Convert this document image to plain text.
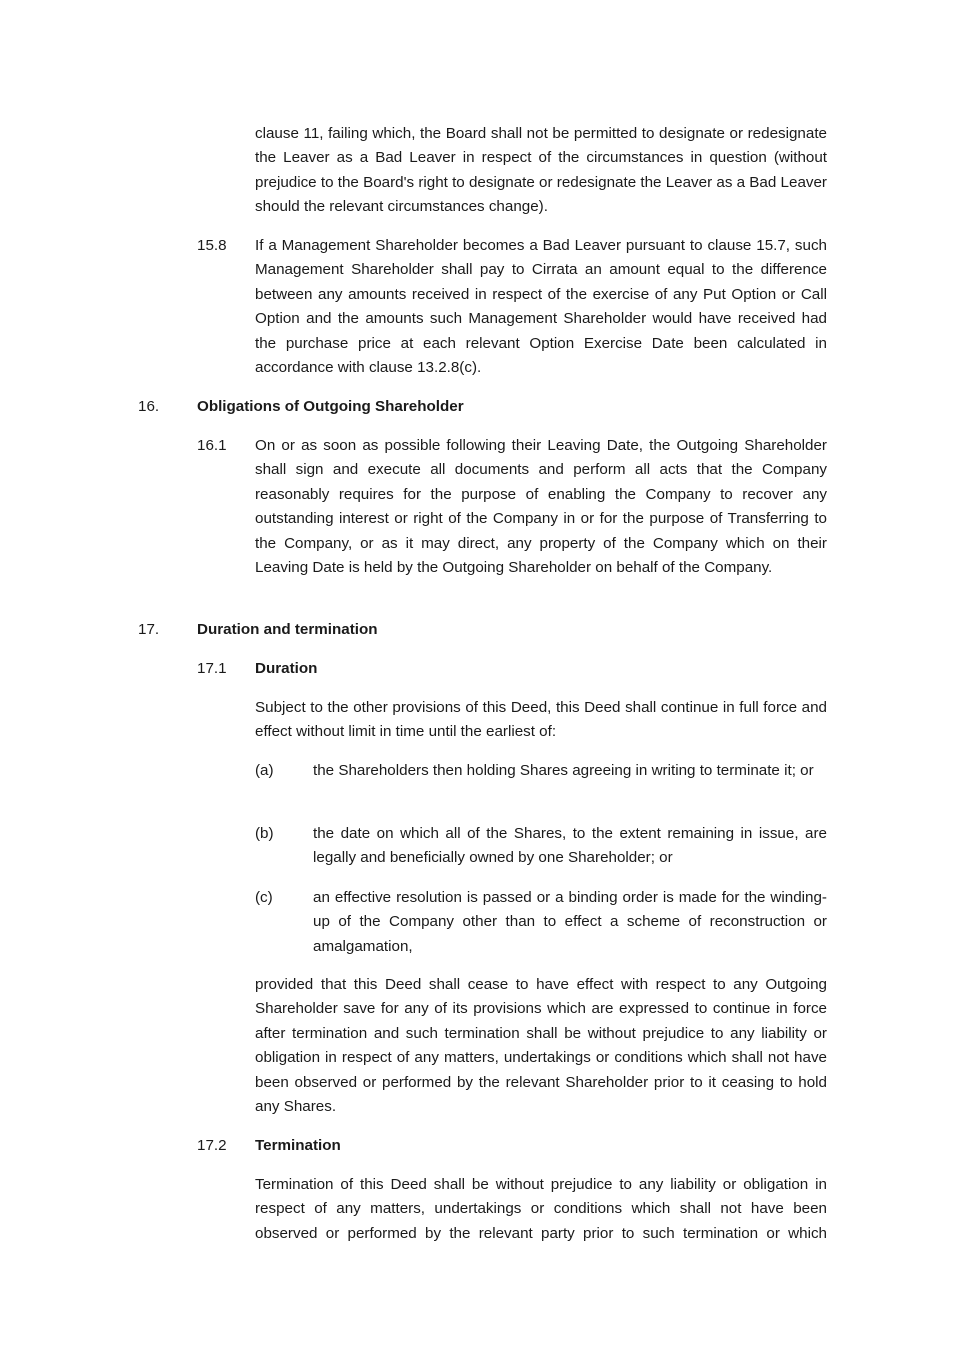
clause 11, failing which, the Board shall not be permitted to designate or redesignate the Leaver as a Bad Leaver in respect of the circumstances in question (without prejudice to the Board's right to designate or redesignate the Leaver as a Bad Leaver should the relevant circumstances change).

15.8 If a Management Shareholder becomes a Bad Leaver pursuant to clause 15.7, such Management Shareholder shall pay to Cirrata an amount equal to the difference between any amounts received in respect of the exercise of any Put Option or Call Option and the amounts such Management Shareholder would have received had the purchase price at each relevant Option Exercise Date been calculated in accordance with clause 13.2.8(c).

16. Obligations of Outgoing Shareholder

16.1 On or as soon as possible following their Leaving Date, the Outgoing Shareholder shall sign and execute all documents and perform all acts that the Company reasonably requires for the purpose of enabling the Company to recover any outstanding interest or right of the Company in or for the purpose of Transferring to the Company, or as it may direct, any property of the Company which on their Leaving Date is held by the Outgoing Shareholder on behalf of the Company.

17. Duration and termination

17.1 Duration

Subject to the other provisions of this Deed, this Deed shall continue in full force and effect without limit in time until the earliest of:

(a)	the Shareholders then holding Shares agreeing in writing to terminate it; or

(b)	the date on which all of the Shares, to the extent remaining in issue, are legally and beneficially owned by one Shareholder; or

(c)	an effective resolution is passed or a binding order is made for the winding-up of the Company other than to effect a scheme of reconstruction or amalgamation,

provided that this Deed shall cease to have effect with respect to any Outgoing Shareholder save for any of its provisions which are expressed to continue in force after termination and such termination shall be without prejudice to any liability or obligation in respect of any matters, undertakings or conditions which shall not have been observed or performed by the relevant Shareholder prior to it ceasing to hold any Shares.

17.2 Termination

Termination of this Deed shall be without prejudice to any liability or obligation in respect of any matters, undertakings or conditions which shall not have been observed or performed by the relevant party prior to such termination or which
